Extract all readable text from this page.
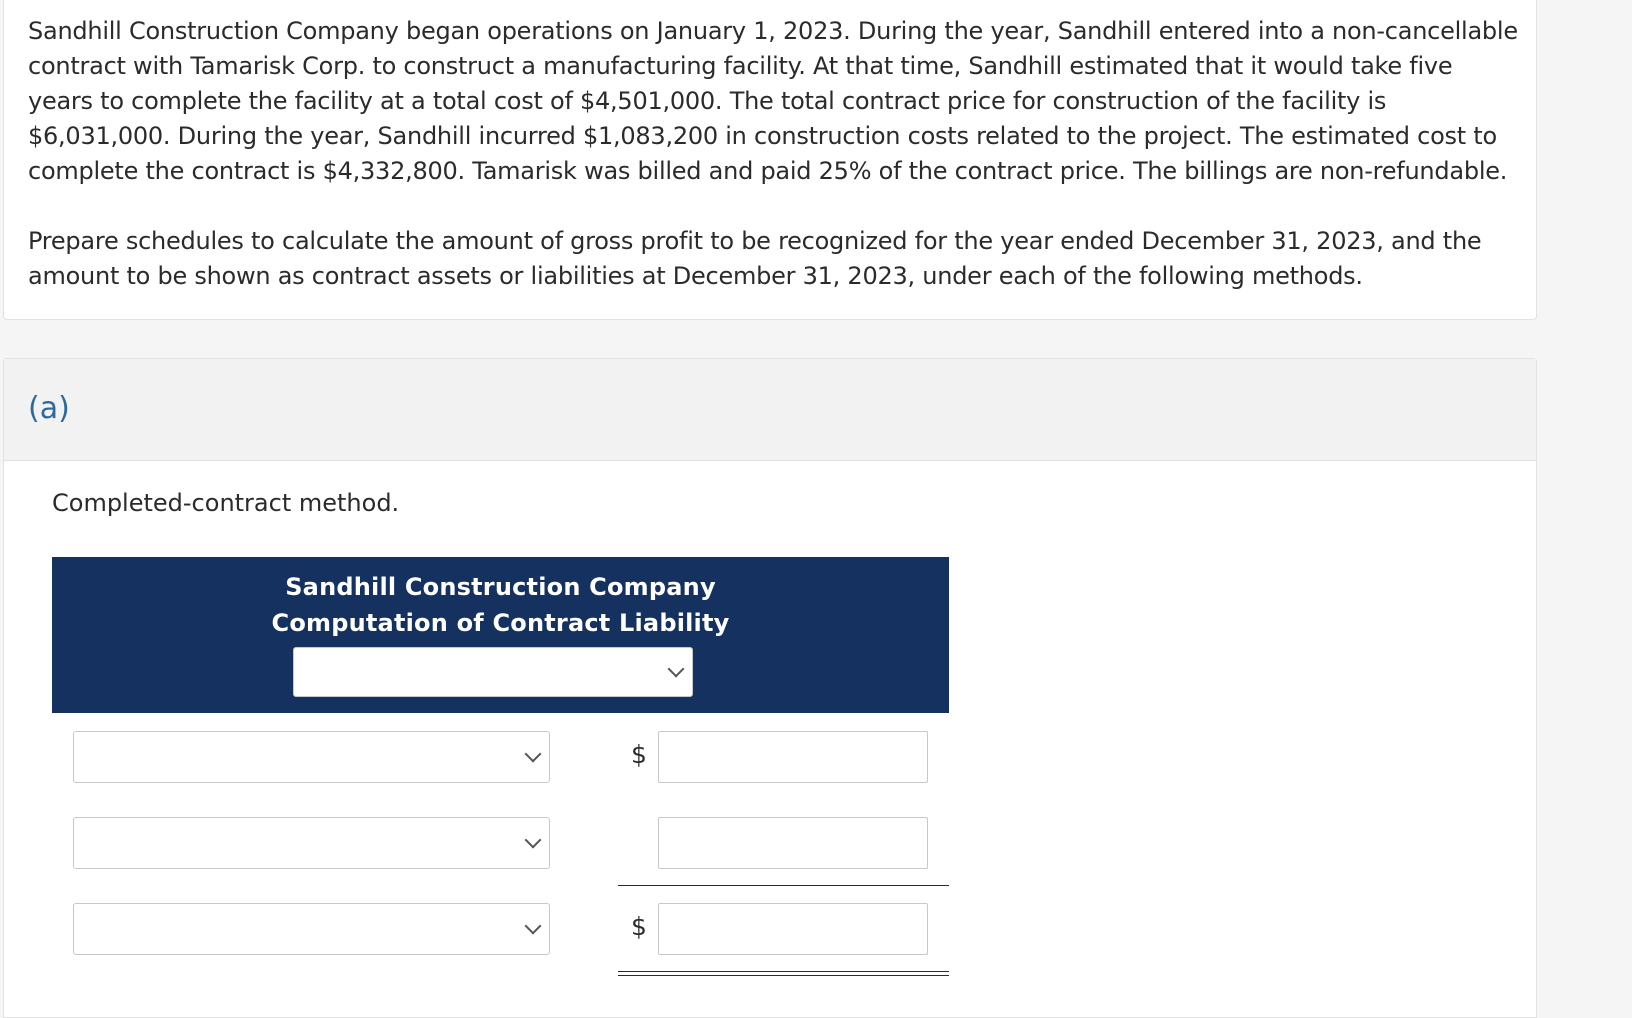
Sandhill Construction Company began operations on January 1, 2023. During the year, Sandhill entered into a non-cancellable contract with Tamarisk Corp. to construct a manufacturing facility. At that time, Sandhill estimated that it would take five years to complete the facility at a total cost of $4,501,000. The total contract price for construction of the facility is $6,031,000. During the year, Sandhill incurred $1,083,200 in construction costs related to the project. The estimated cost to complete the contract is $4,332,800. Tamarisk was billed and paid 25% of the contract price. The billings are non-refundable.

Prepare schedules to calculate the amount of gross profit to be recognized for the year ended December 31, 2023, and the amount to be shown as contract assets or liabilities at December 31, 2023, under each of the following methods.

(a)
Completed-contract method.
Sandhill Construction Company
Computation of Contract Liability
$
$
